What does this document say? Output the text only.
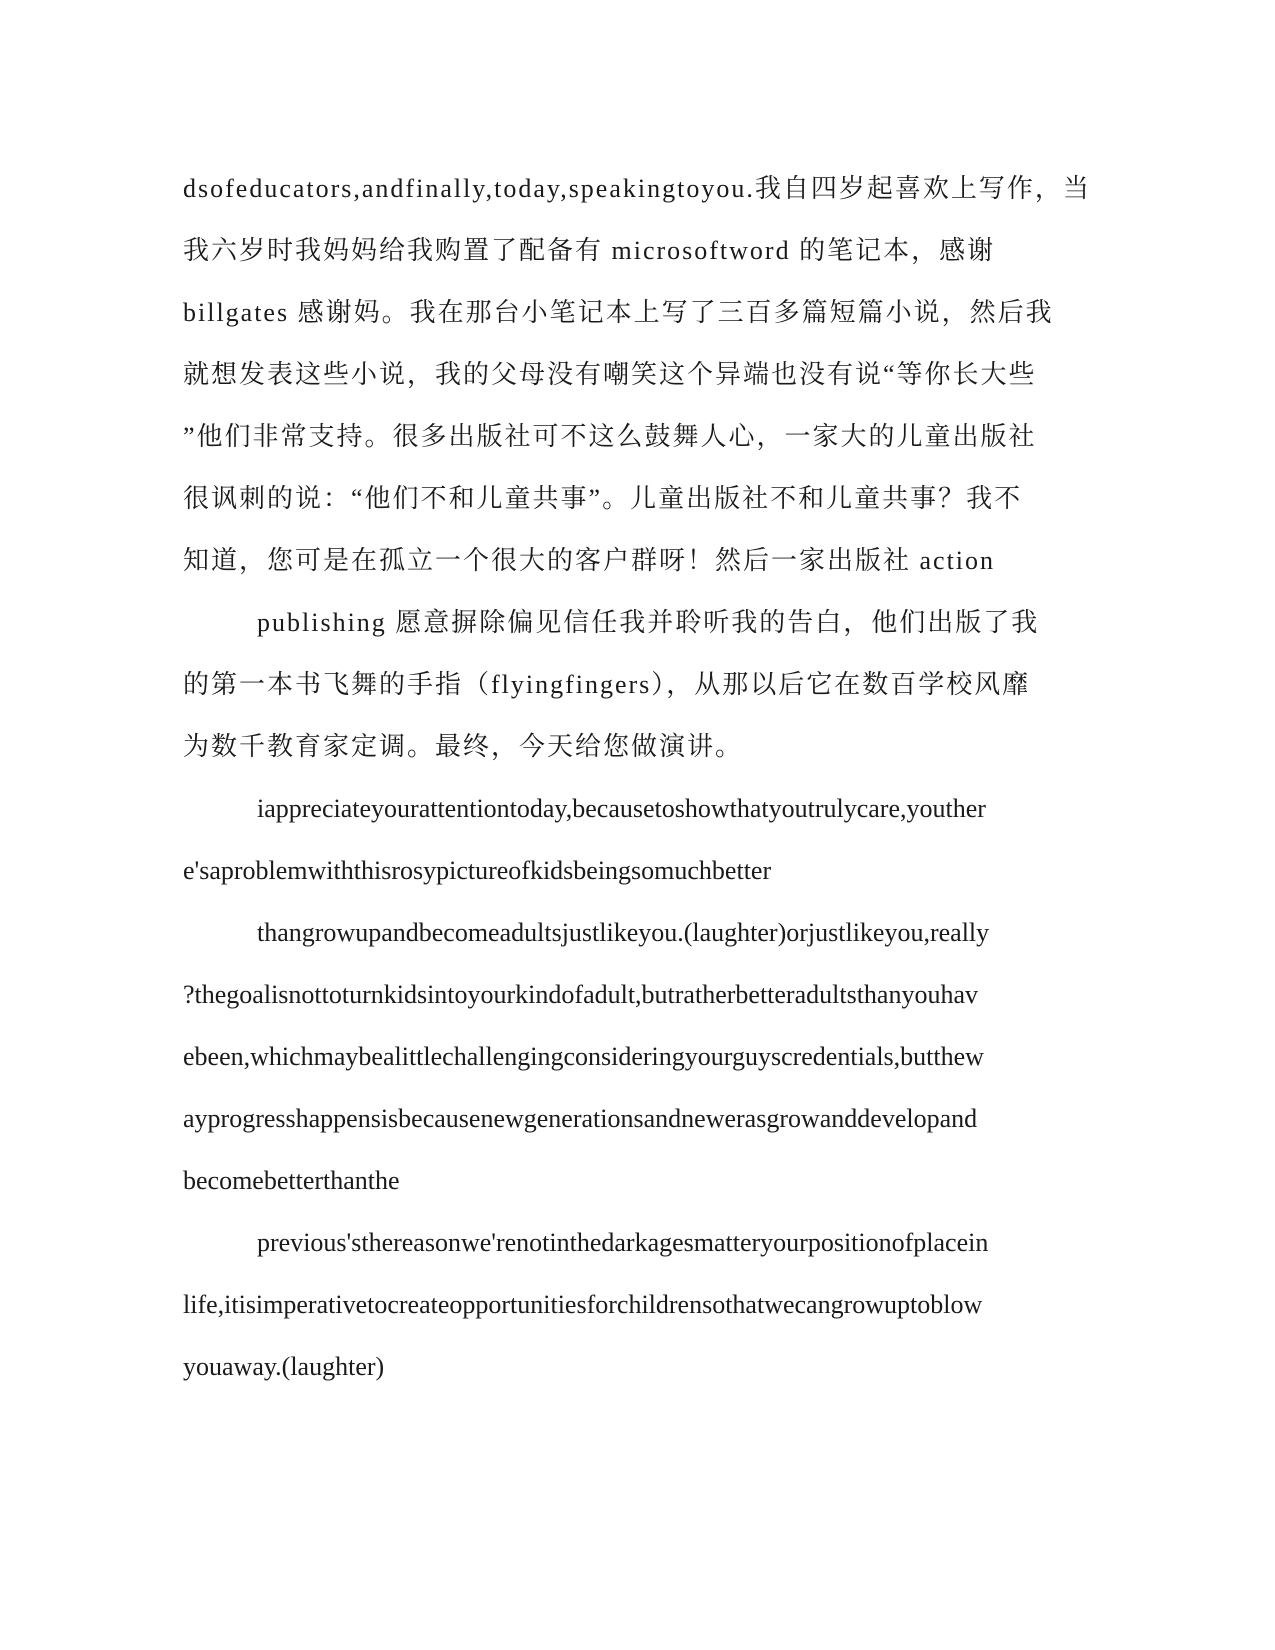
dsofeducators,andfinally,today,speakingtoyou.我自四岁起喜欢上写作，当
我六岁时我妈妈给我购置了配备有 microsoftword 的笔记本，感谢
billgates 感谢妈。我在那台小笔记本上写了三百多篇短篇小说，然后我
就想发表这些小说，我的父母没有嘲笑这个异端也没有说“等你长大些
”他们非常支持。很多出版社可不这么鼓舞人心，一家大的儿童出版社
很讽刺的说：“他们不和儿童共事”。儿童出版社不和儿童共事？我不
知道，您可是在孤立一个很大的客户群呀！然后一家出版社 action
publishing 愿意摒除偏见信任我并聆听我的告白，他们出版了我
的第一本书飞舞的手指（flyingfingers），从那以后它在数百学校风靡
为数千教育家定调。最终，今天给您做演讲。
iappreciateyourattentiontoday,becausetoshowthatyoutrulycare,youther
e'saproblemwiththisrosypictureofkidsbeingsomuchbetter
thangrowupandbecomeadultsjustlikeyou.(laughter)orjustlikeyou,really
?thegoalisnottoturnkidsintoyourkindofadult,butratherbetteradultsthanyouhav
ebeen,whichmaybealittlechallengingconsideringyourguyscredentials,butthew
ayprogresshappensisbecausenewgenerationsandnewerasgrowanddevelopand
becomebetterthanthe
previous'sthereasonwe'renotinthedarkagesmatteryourpositionofplacein
life,itisimperativetocreateopportunitiesforchildrensothatwecangrowuptoblow
youaway.(laughter)
